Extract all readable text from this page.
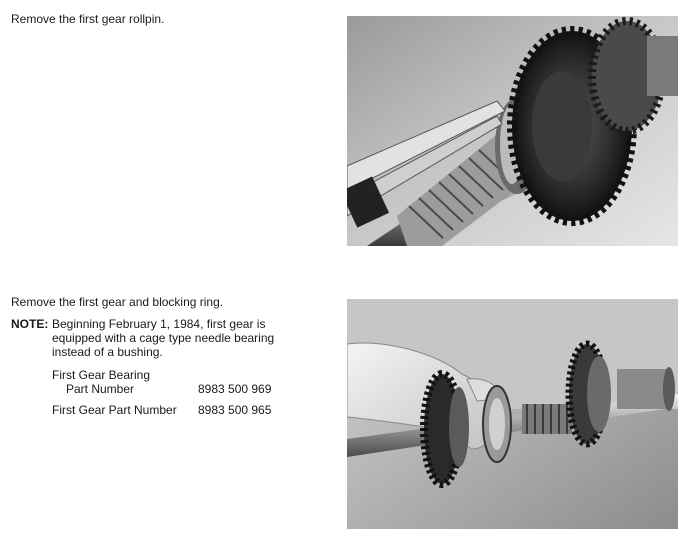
Remove the first gear rollpin.
Remove the first gear and blocking ring.
NOTE: Beginning February 1, 1984, first gear is
equipped with a cage type needle bearing
instead of a bushing.
First Gear Bearing
Part Number	8983 500 969
First Gear Part Number 8983 500 965
